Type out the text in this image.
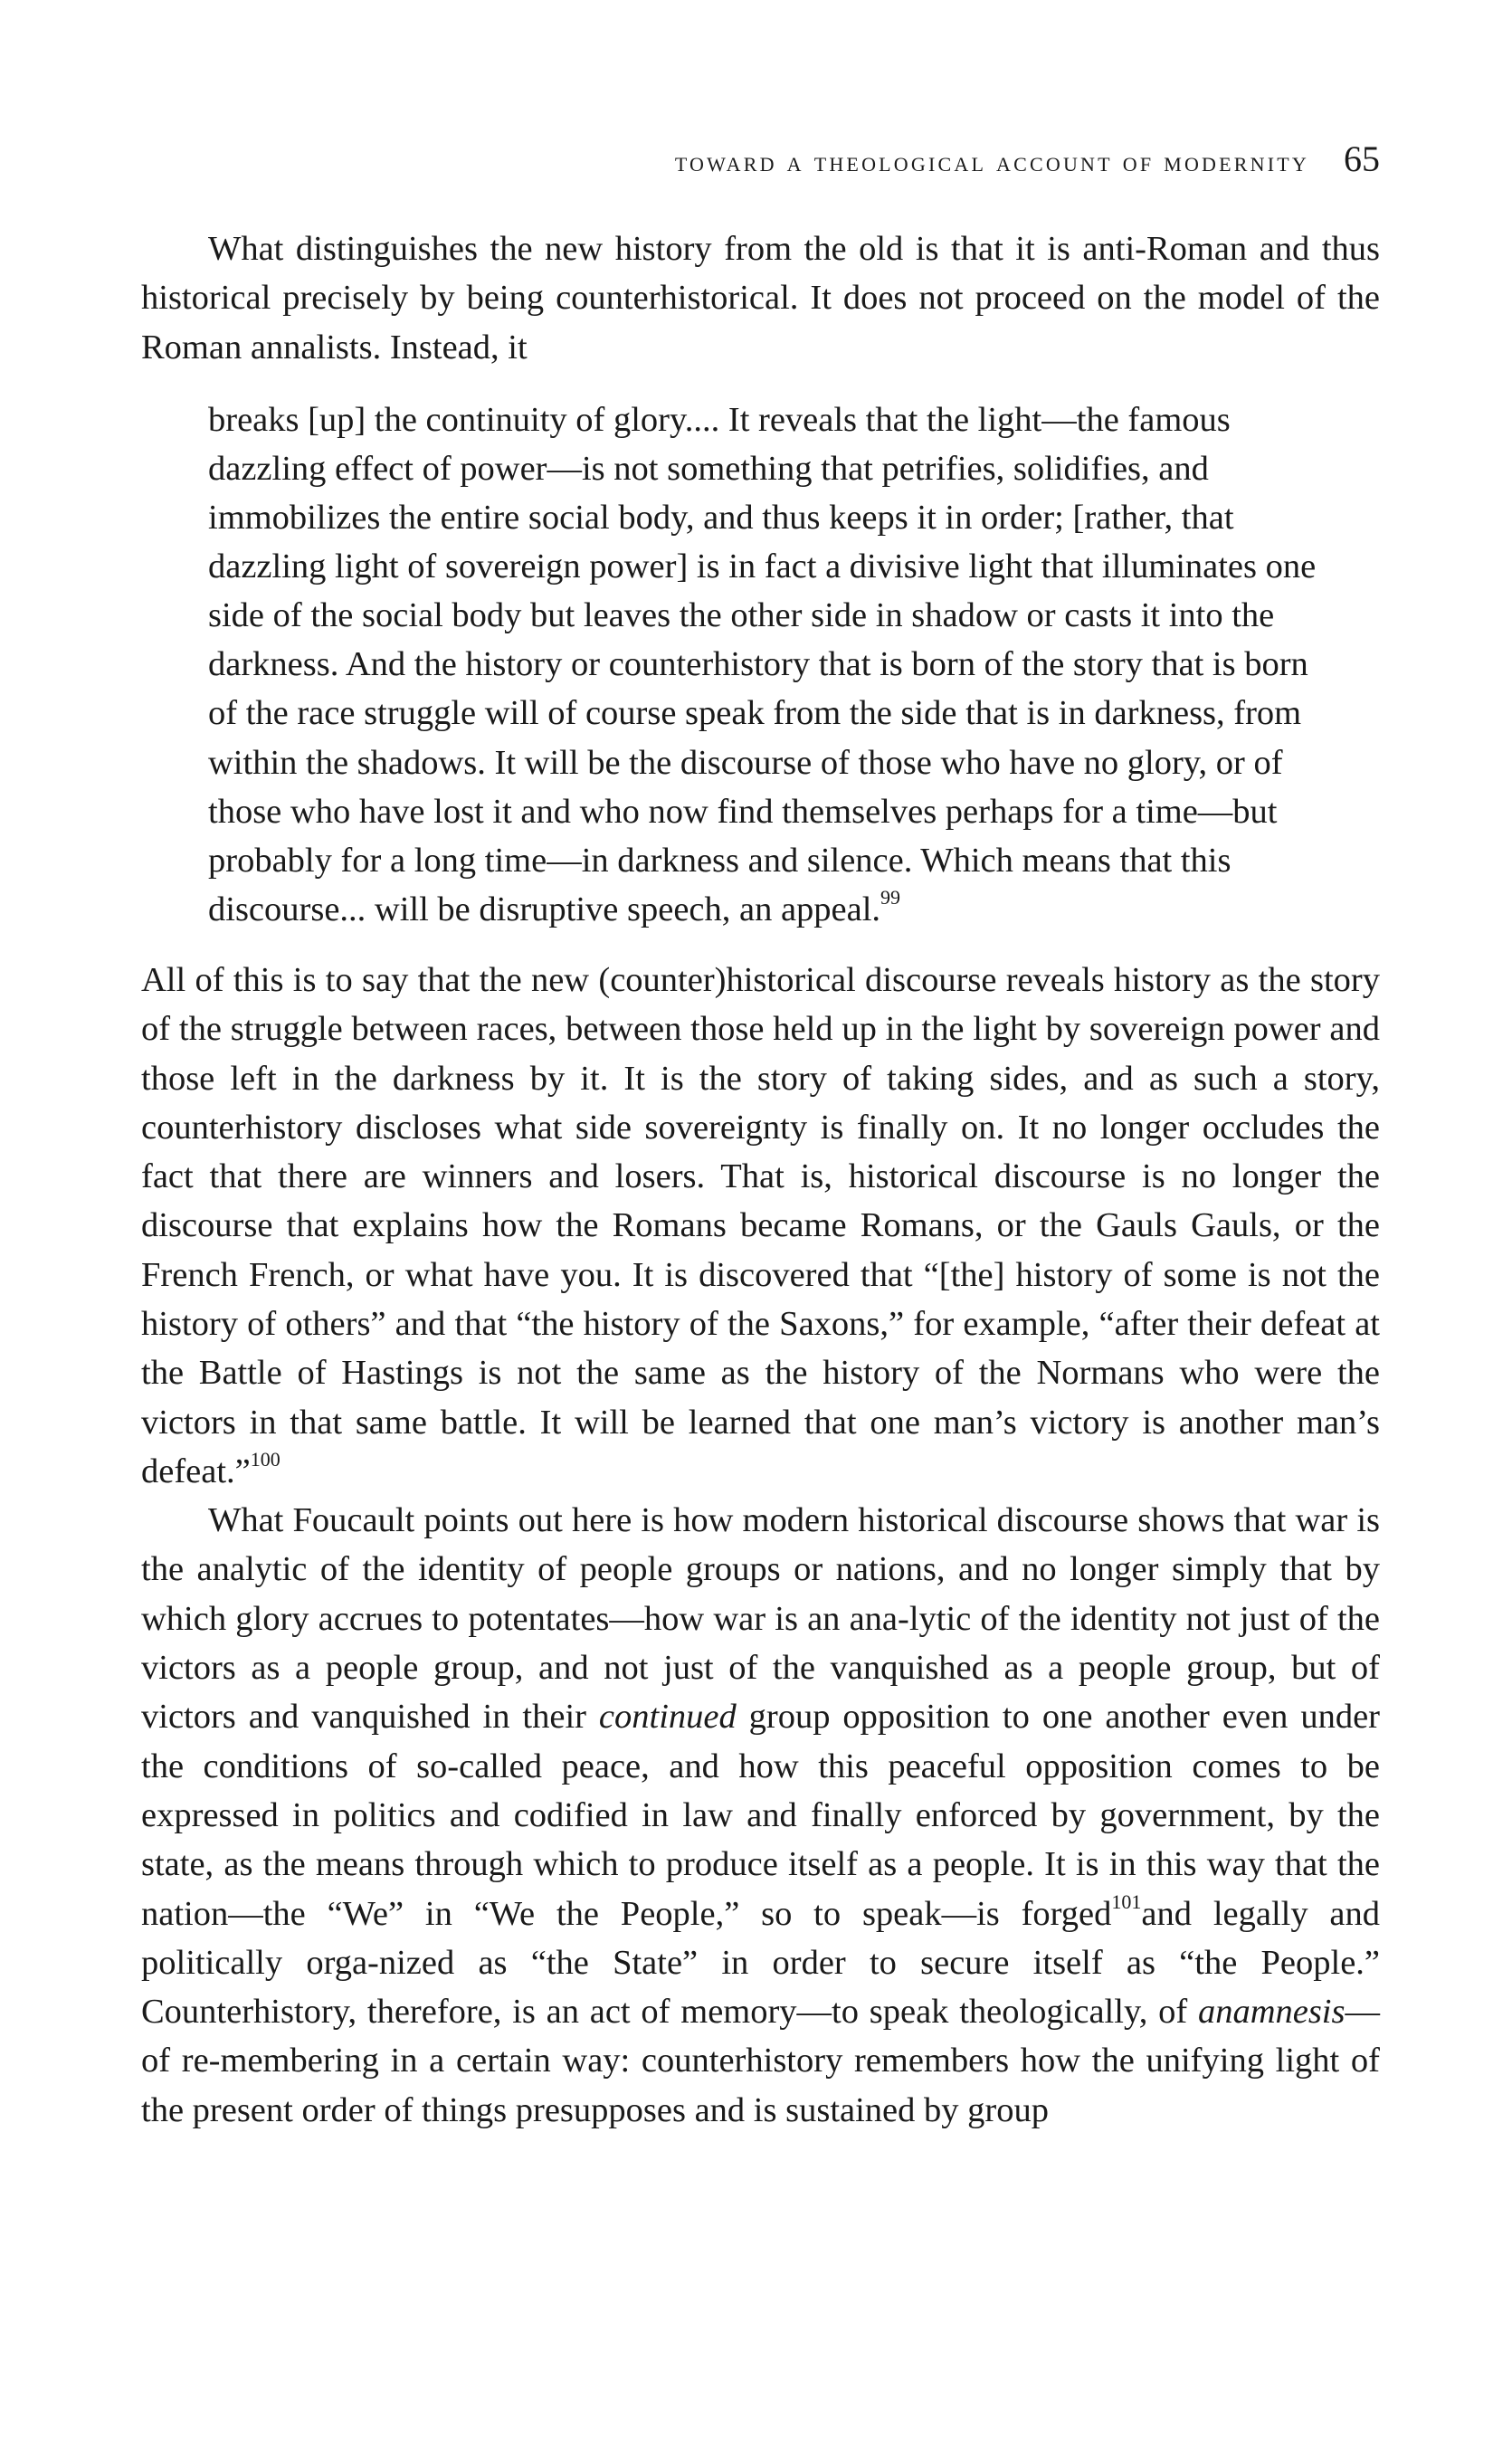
toward a theological account of modernity 65

What distinguishes the new history from the old is that it is anti-Roman and thus historical precisely by being counterhistorical. It does not proceed on the model of the Roman annalists. Instead, it

breaks [up] the continuity of glory.... It reveals that the light—the famous dazzling effect of power—is not something that petrifies, solidifies, and immobilizes the entire social body, and thus keeps it in order; [rather, that dazzling light of sovereign power] is in fact a divisive light that illuminates one side of the social body but leaves the other side in shadow or casts it into the darkness. And the history or counterhistory that is born of the story that is born of the race struggle will of course speak from the side that is in darkness, from within the shadows. It will be the discourse of those who have no glory, or of those who have lost it and who now find themselves perhaps for a time—but probably for a long time—in darkness and silence. Which means that this discourse... will be disruptive speech, an appeal.$^{99}$

All of this is to say that the new (counter)historical discourse reveals history as the story of the struggle between races, between those held up in the light by sovereign power and those left in the darkness by it. It is the story of taking sides, and as such a story, counterhistory discloses what side sovereignty is finally on. It no longer occludes the fact that there are winners and losers. That is, historical discourse is no longer the discourse that explains how the Romans became Romans, or the Gauls Gauls, or the French French, or what have you. It is discovered that “[the] history of some is not the history of others” and that “the history of the Saxons,” for example, “after their defeat at the Battle of Hastings is not the same as the history of the Normans who were the victors in that same battle. It will be learned that one man’s victory is another man’s defeat.”$^{100}$

What Foucault points out here is how modern historical discourse shows that war is the analytic of the identity of people groups or nations, and no longer simply that by which glory accrues to potentates—how war is an ana-lytic of the identity not just of the victors as a people group, and not just of the vanquished as a people group, but of victors and vanquished in their continued group opposition to one another even under the conditions of so-called peace, and how this peaceful opposition comes to be expressed in politics and codified in law and finally enforced by government, by the state, as the means through which to produce itself as a people. It is in this way that the nation—the “We” in “We the People,” so to speak—is forged$^{101}$and legally and politically orga-nized as “the State” in order to secure itself as “the People.” Counterhistory, therefore, is an act of memory—to speak theologically, of anamnesis—of re-membering in a certain way: counterhistory remembers how the unifying light of the present order of things presupposes and is sustained by group
